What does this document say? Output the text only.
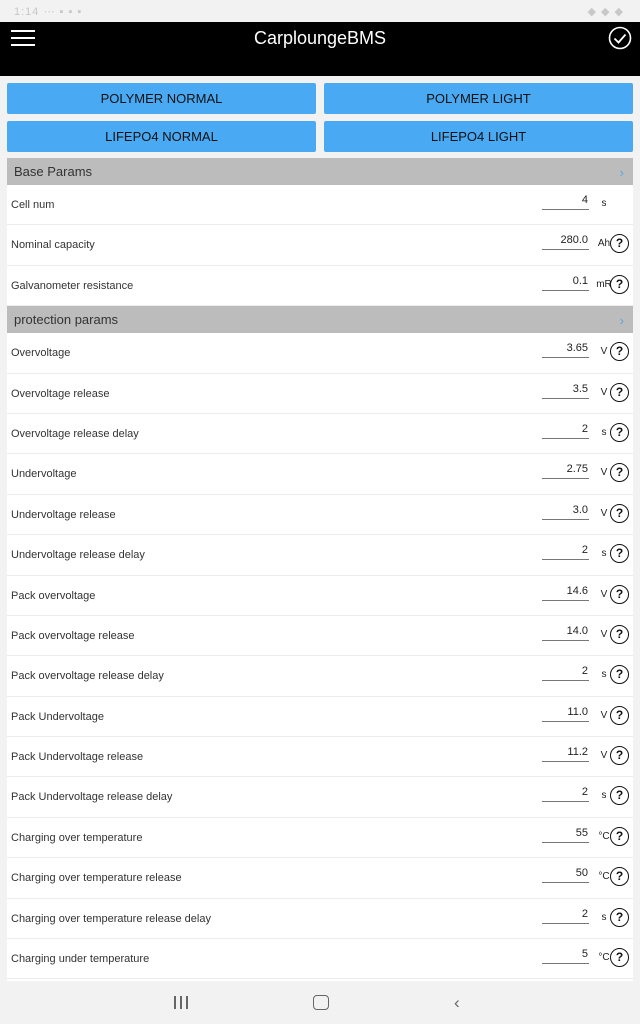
1:14 ⋯ ▪ ▪ ▪	◆ ◆ ◆
CarploungeBMS
POLYMER NORMAL	POLYMER LIGHT
LIFEPO4 NORMAL	LIFEPO4 LIGHT
Base Params	›
Cell num	4	s
Nominal capacity	280.0 Ah ?
Galvanometer resistance	0.1 mR ?
protection params	›
Overvoltage	3.65	V ?
Overvoltage release	3.5	V ?
Overvoltage release delay	2	s ?
Undervoltage	2.75	V ?
Undervoltage release	3.0	V ?
Undervoltage release delay	2	s ?
Pack overvoltage	14.6	V ?
Pack overvoltage release	14.0	V ?
Pack overvoltage release delay	2	s ?
Pack Undervoltage	11.0	V ?
Pack Undervoltage release	11.2	V ?
Pack Undervoltage release delay	2	s ?
Charging over temperature	55	°C ?
Charging over temperature release	50	°C ?
Charging over temperature release delay	2	s ?
Charging under temperature	5	°C ?
‹
